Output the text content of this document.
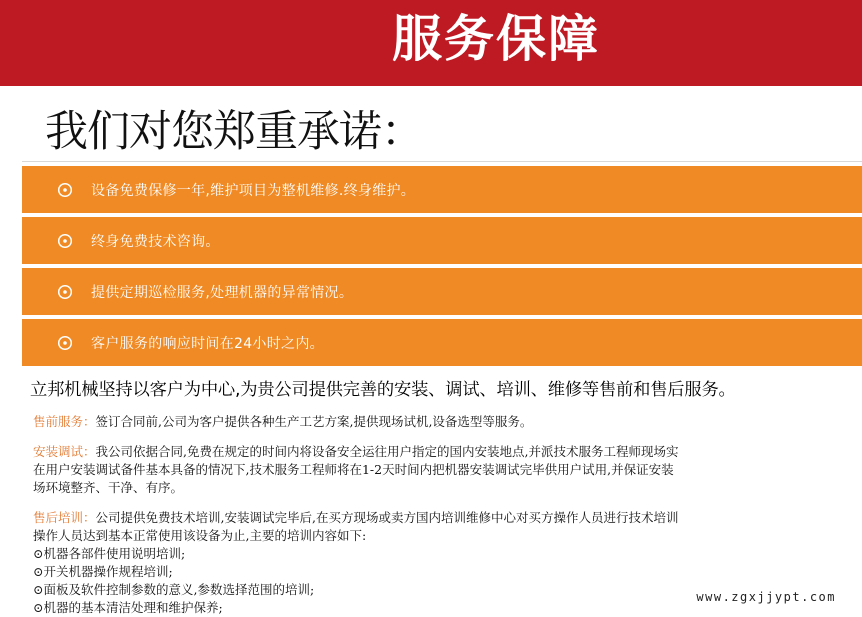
服务保障
我们对您郑重承诺：
设备免费保修一年,维护项目为整机维修.终身维护。
终身免费技术咨询。
提供定期巡检服务,处理机器的异常情况。
客户服务的响应时间在24小时之内。
立邦机械坚持以客户为中心,为贵公司提供完善的安装、调试、培训、维修等售前和售后服务。
售前服务：签订合同前,公司为客户提供各种生产工艺方案,提供现场试机,设备选型等服务。
安装调试：我公司依据合同,免费在规定的时间内将设备安全运往用户指定的国内安装地点,并派技术服务工程师现场实
在用户安装调试备件基本具备的情况下,技术服务工程师将在1-2天时间内把机器安装调试完毕供用户试用,并保证安装
场环境整齐、干净、有序。
售后培训：公司提供免费技术培训,安装调试完毕后,在买方现场或卖方国内培训维修中心对买方操作人员进行技术培训
操作人员达到基本正常使用该设备为止,主要的培训内容如下:
⊙机器各部件使用说明培训;
⊙开关机器操作规程培训;
⊙面板及软件控制参数的意义,参数选择范围的培训;
⊙机器的基本清洁处理和维护保养;
www.zgxjjypt.com
